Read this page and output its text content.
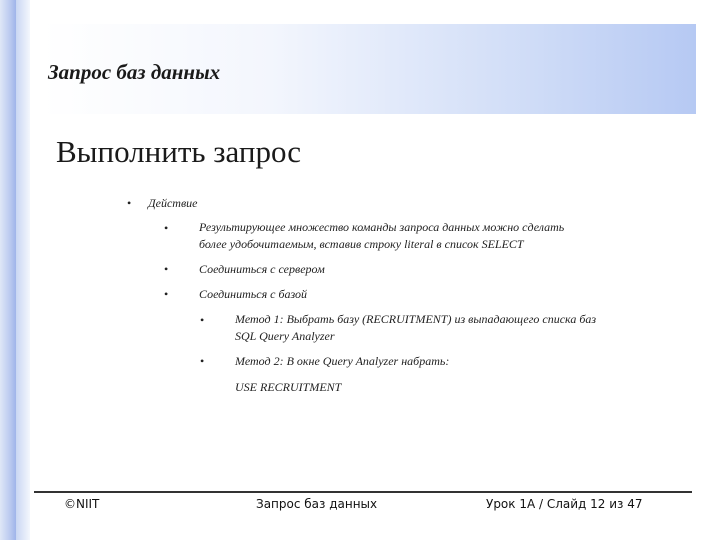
Запрос баз данных
Выполнить запрос
• Действие
•	Результирующее множество команды запроса данных можно сделать
более удобочитаемым, вставив строку literal в список SELECT
•	Соединиться с сервером
•	Соединиться с базой
•	Метод 1: Выбрать базу (RECRUITMENT) из выпадающего списка баз
SQL Query Analyzer
•	Метод 2: В окне Query Analyzer набрать:
USE RECRUITMENT
©NIIT	Запрос баз данных	Урок 1A / Слайд 12 из 47
